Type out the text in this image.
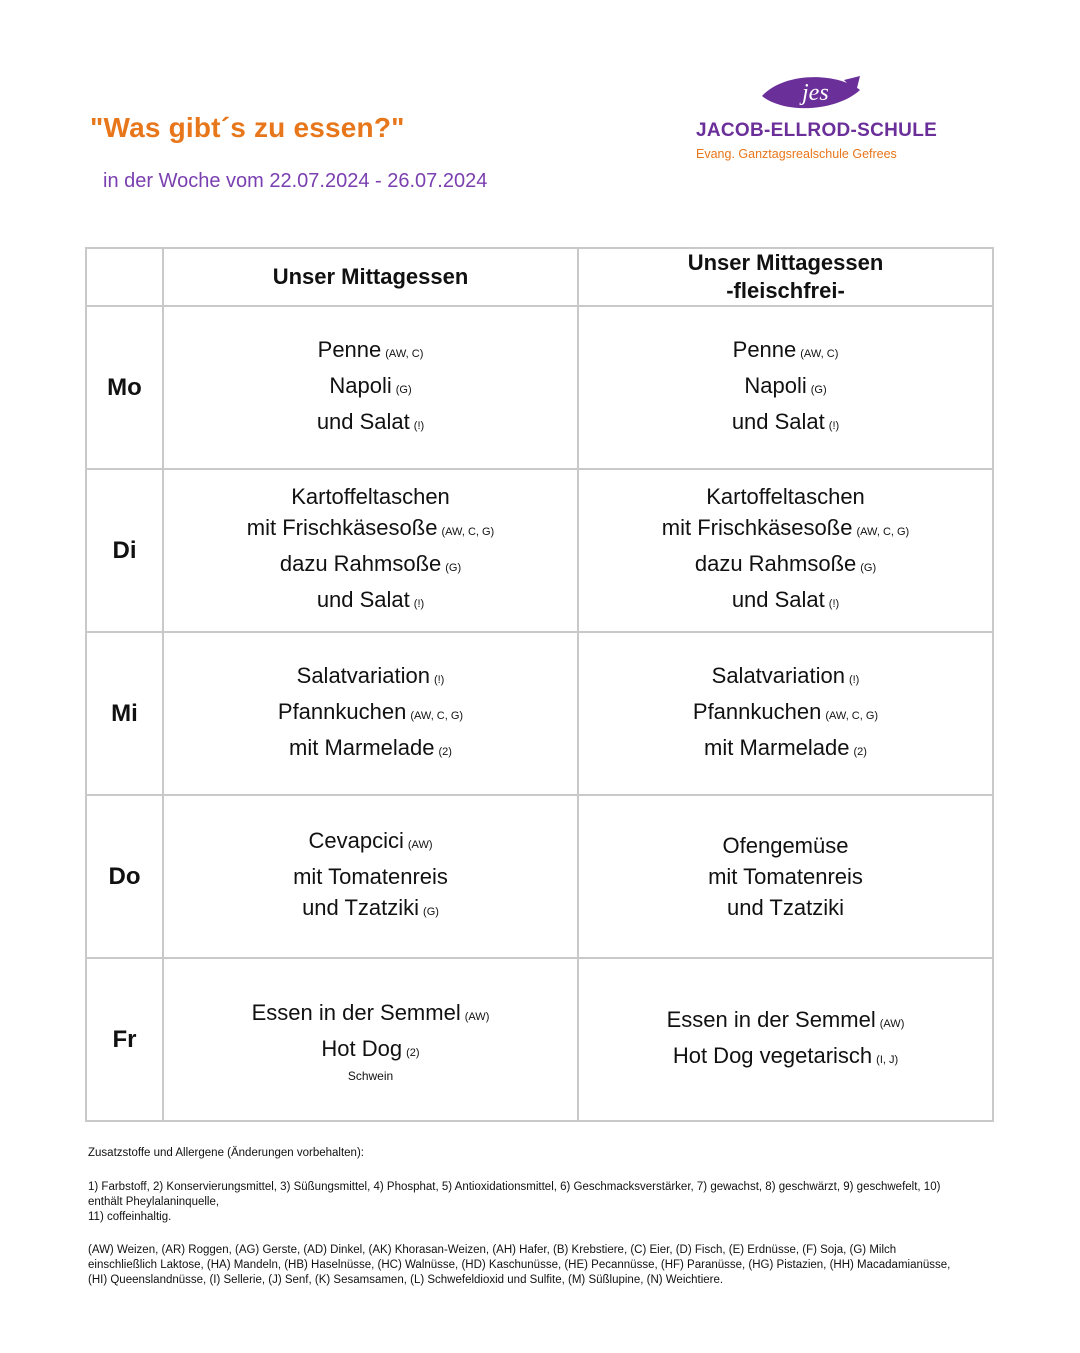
"Was gibt´s zu essen?"
in der Woche vom 22.07.2024 - 26.07.2024
jes
JACOB-ELLROD-SCHULE
Evang. Ganztagsrealschule Gefrees
	Unser Mittagessen	Unser Mittagessen
-fleischfrei-

Mo	Penne (AW, C)
Napoli (G)
und Salat (!)	Penne (AW, C)
Napoli (G)
und Salat (!)

Di	Kartoffeltaschen
mit Frischkäsesoße (AW, C, G)
dazu Rahmsoße (G)
und Salat (!)	Kartoffeltaschen
mit Frischkäsesoße (AW, C, G)
dazu Rahmsoße (G)
und Salat (!)

Mi	Salatvariation (!)
Pfannkuchen (AW, C, G)
mit Marmelade (2)	Salatvariation (!)
Pfannkuchen (AW, C, G)
mit Marmelade (2)

Do	Cevapcici (AW)
mit Tomatenreis
und Tzatziki (G)	Ofengemüse
mit Tomatenreis
und Tzatziki

Fr	Essen in der Semmel (AW)
Hot Dog (2)
Schwein	Essen in der Semmel (AW)
Hot Dog vegetarisch (I, J)
Zusatzstoffe und Allergene (Änderungen vorbehalten):
1) Farbstoff, 2) Konservierungsmittel, 3) Süßungsmittel, 4) Phosphat, 5) Antioxidationsmittel, 6) Geschmacksverstärker, 7) gewachst, 8) geschwärzt, 9) geschwefelt, 10) enthält Pheylalaninquelle,
11) coffeinhaltig.
(AW) Weizen, (AR) Roggen, (AG) Gerste, (AD) Dinkel, (AK) Khorasan-Weizen, (AH) Hafer, (B) Krebstiere, (C) Eier, (D) Fisch, (E) Erdnüsse, (F) Soja, (G) Milch einschließlich Laktose, (HA) Mandeln, (HB) Haselnüsse, (HC) Walnüsse, (HD) Kaschunüsse, (HE) Pecannüsse, (HF) Paranüsse, (HG) Pistazien, (HH) Macadamianüsse, (HI) Queenslandnüsse, (I) Sellerie, (J) Senf, (K) Sesamsamen, (L) Schwefeldioxid und Sulfite, (M) Süßlupine, (N) Weichtiere.
